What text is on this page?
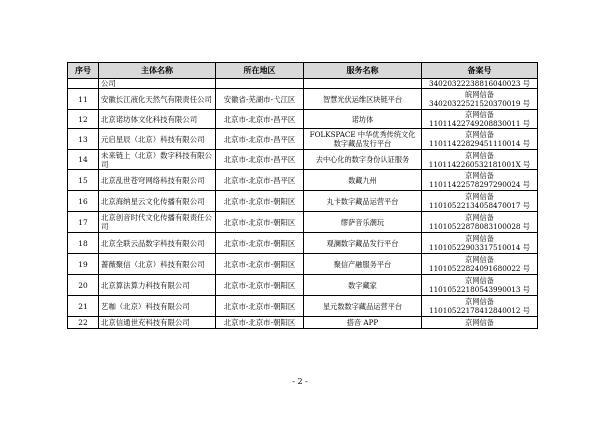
序号	主体名称	所在地区	服务名称	备案号
	公司			34020322238816040023 号
11	安徽长江液化天然气有限责任公司	安徽省-芜湖市-弋江区	智慧光伏运维区块链平台	皖网信备 34020322521520370019 号
12	北京诺坊体文化科技有限公司	北京市-北京市-昌平区	诺坊体	京网信备 11011422749208830011 号
13	元启星辰（北京）科技有限公司	北京市-北京市-昌平区	FOLKSPACE 中华优秀传统文化数字藏品发行平台	京网信备 11011422829451110014 号
14	未来链上（北京）数字科技有限公司	北京市-北京市-昌平区	去中心化的数字身份认证服务	京网信备 1101142260532181001X 号
15	北京乱世苍穹网络科技有限公司	北京市-北京市-昌平区	数藏九州	京网信备 11011422578297290024 号
16	北京海纳星云文化传播有限公司	北京市-北京市-朝阳区	丸卡数字藏品运营平台	京网信备 11010522134058470017 号
17	北京创音时代文化传播有限责任公司	北京市-北京市-朝阳区	缪萨音乐潮玩	京网信备 11010522878083100028 号
18	北京全联云品数字科技有限公司	北京市-北京市-朝阳区	观澜数字藏品发行平台	京网信备 11010522903317510014 号
19	蔷薇聚信（北京）科技有限公司	北京市-北京市-朝阳区	聚信产融服务平台	京网信备 11010522824091680022 号
20	北京算法算力科技有限公司	北京市-北京市-朝阳区	数字藏家	京网信备 11010522180543990013 号
21	艺咖（北京）科技有限公司	北京市-北京市-朝阳区	星元数数字藏品运营平台	京网信备 11010522178412840012 号
22	北京信通世充科技有限公司	北京市-北京市-朝阳区	搭音 APP	京网信备
- 2 -
